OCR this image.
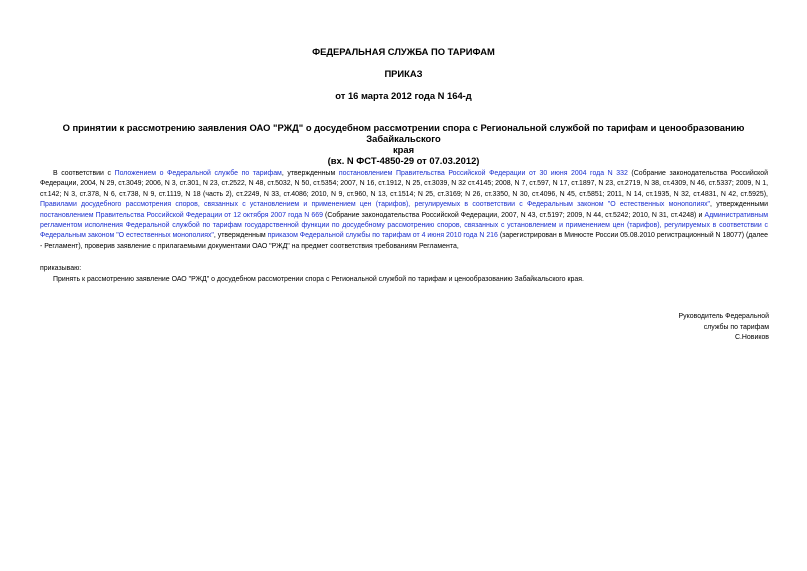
ФЕДЕРАЛЬНАЯ СЛУЖБА ПО ТАРИФАМ
ПРИКАЗ
от 16 марта 2012 года N 164-д
О принятии к рассмотрению заявления ОАО "РЖД" о досудебном рассмотрении спора с Региональной службой по тарифам и ценообразованию Забайкальского
края
(вх. N ФСТ-4850-29 от 07.03.2012)
В соответствии с Положением о Федеральной службе по тарифам, утвержденным постановлением Правительства Российской Федерации от 30 июня 2004 года N 332 (Собрание законодательства Российской Федерации, 2004, N 29, ст.3049; 2006, N 3, ст.301, N 23, ст.2522, N 48, ст.5032, N 50, ст.5354; 2007, N 16, ст.1912, N 25, ст.3039, N 32 ст.4145; 2008, N 7, ст.597, N 17, ст.1897, N 23, ст.2719, N 38, ст.4309, N 46, ст.5337; 2009, N 1, ст.142; N 3, ст.378, N 6, ст.738, N 9, ст.1119, N 18 (часть 2), ст.2249, N 33, ст.4086; 2010, N 9, ст.960, N 13, ст.1514; N 25, ст.3169; N 26, ст.3350, N 30, ст.4096, N 45, ст.5851; 2011, N 14, ст.1935, N 32, ст.4831, N 42, ст.5925), Правилами досудебного рассмотрения споров, связанных с установлением и применением цен (тарифов), регулируемых в соответствии с Федеральным законом "О естественных монополиях", утвержденными постановлением Правительства Российской Федерации от 12 октября 2007 года N 669 (Собрание законодательства Российской Федерации, 2007, N 43, ст.5197; 2009, N 44, ст.5242; 2010, N 31, ст.4248) и Административным регламентом исполнения Федеральной службой по тарифам государственной функции по досудебному рассмотрению споров, связанных с установлением и применением цен (тарифов), регулируемых в соответствии с Федеральным законом "О естественных монополиях", утвержденным приказом Федеральной службы по тарифам от 4 июня 2010 года N 216 (зарегистрирован в Минюсте России 05.08.2010 регистрационный N 18077) (далее - Регламент), проверив заявление с прилагаемыми документами ОАО "РЖД" на предмет соответствия требованиям Регламента,
приказываю:
Принять к рассмотрению заявление ОАО "РЖД" о досудебном рассмотрении спора с Региональной службой по тарифам и ценообразованию Забайкальского края.
Руководитель Федеральной
службы по тарифам
С.Новиков
